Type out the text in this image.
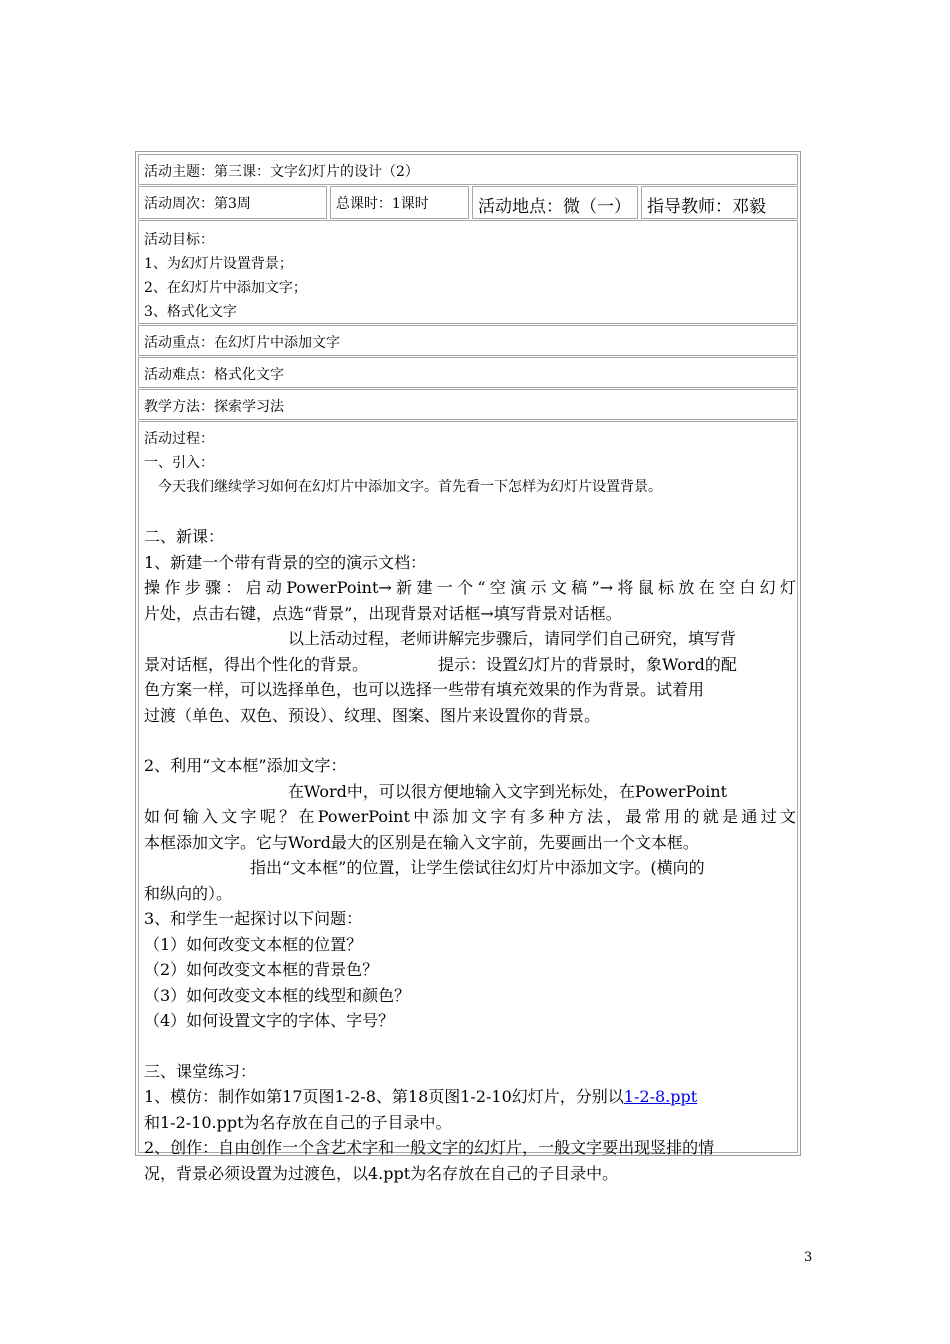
活动主题：第三课：文字幻灯片的设计（2）
活动周次：第3周	总课时：1课时	活动地点：微（一） 指导教师：邓毅
活动目标：
1、为幻灯片设置背景；
2、在幻灯片中添加文字；
3、格式化文字
活动重点：在幻灯片中添加文字
活动难点：格式化文字
教学方法：探索学习法
活动过程：
一、引入：
今天我们继续学习如何在幻灯片中添加文字。首先看一下怎样为幻灯片设置背景。
二、新课：
1、新建一个带有背景的空的演示文档：
操作步骤：启动PowerPoint→新建一个“空演示文稿”→将鼠标放在空白幻灯
片处，点击右键，点选“背景”，出现背景对话框→填写背景对话框。
以上活动过程，老师讲解完步骤后，请同学们自己研究，填写背
景对话框，得出个性化的背景。	提示：设置幻灯片的背景时，象Word的配
色方案一样，可以选择单色，也可以选择一些带有填充效果的作为背景。试着用
过渡（单色、双色、预设）、纹理、图案、图片来设置你的背景。
2、利用“文本框”添加文字：
在Word中，可以很方便地输入文字到光标处，在PowerPoint
如何输入文字呢？在PowerPoint中添加文字有多种方法，最常用的就是通过文
本框添加文字。它与Word最大的区别是在输入文字前，先要画出一个文本框。
指出“文本框”的位置，让学生偿试往幻灯片中添加文字。(横向的
和纵向的）。
3、和学生一起探讨以下问题：
（1）如何改变文本框的位置？
（2）如何改变文本框的背景色？
（3）如何改变文本框的线型和颜色？
（4）如何设置文字的字体、字号？
三、课堂练习：
1、模仿：制作如第17页图1-2-8、第18页图1-2-10幻灯片，分别以1-2-8.ppt
和1-2-10.ppt为名存放在自己的子目录中。
2、创作：自由创作一个含艺术字和一般文字的幻灯片，一般文字要出现竖排的情
况，背景必须设置为过渡色，以4.ppt为名存放在自己的子目录中。
3
